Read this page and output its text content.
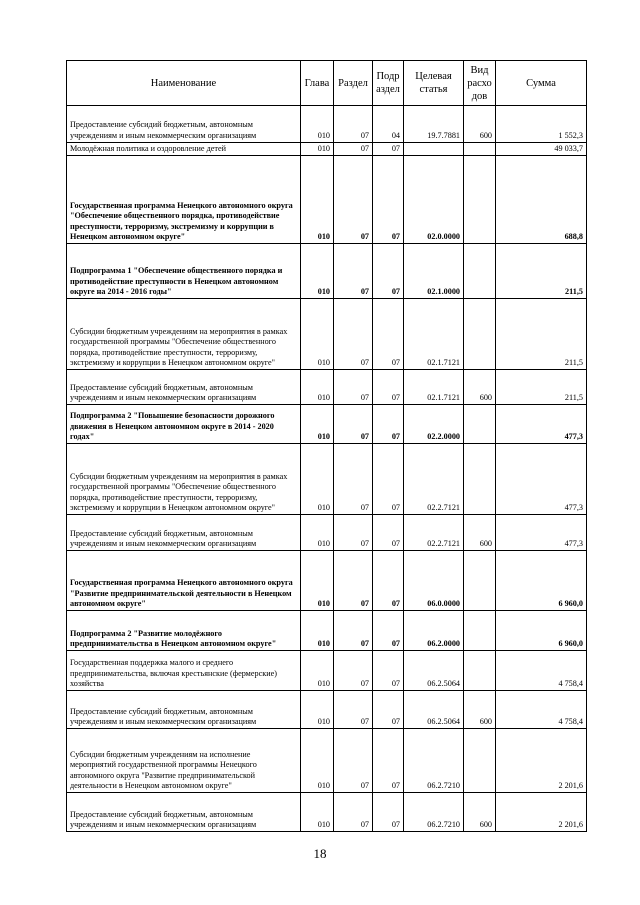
Наименование	Глава	Раздел	Подр аздел	Целевая статья	Вид расхо дов	Сумма
Предоставление субсидий бюджетным, автономным учреждениям и иным некоммерческим организациям	010	07	04	19.7.7881	600	1 552,3
Молодёжная политика и оздоровление детей	010	07	07			49 033,7
Государственная программа Ненецкого автономного округа "Обеспечение общественного порядка, противодействие преступности, терроризму, экстремизму и коррупции в Ненецком автономном округе"	010	07	07	02.0.0000		688,8
Подпрограмма 1 "Обеспечение общественного порядка и противодействие преступности в Ненецком автономном округе на 2014 - 2016 годы"	010	07	07	02.1.0000		211,5
Субсидии бюджетным учреждениям на мероприятия в рамках государственной программы "Обеспечение общественного порядка, противодействие преступности, терроризму, экстремизму и коррупции в Ненецком автономном округе"	010	07	07	02.1.7121		211,5
Предоставление субсидий бюджетным, автономным учреждениям и иным некоммерческим организациям	010	07	07	02.1.7121	600	211,5
Подпрограмма 2 "Повышение безопасности дорожного движения в Ненецком автономном округе в 2014 - 2020 годах"	010	07	07	02.2.0000		477,3
Субсидии бюджетным учреждениям на мероприятия в рамках государственной программы "Обеспечение общественного порядка, противодействие преступности, терроризму, экстремизму и коррупции в Ненецком автономном округе"	010	07	07	02.2.7121		477,3
Предоставление субсидий бюджетным, автономным учреждениям и иным некоммерческим организациям	010	07	07	02.2.7121	600	477,3
Государственная программа Ненецкого автономного округа "Развитие предпринимательской деятельности в Ненецком автономном округе"	010	07	07	06.0.0000		6 960,0
Подпрограмма 2 "Развитие молодёжного предпринимательства в Ненецком автономном округе"	010	07	07	06.2.0000		6 960,0
Государственная поддержка малого и среднего предпринимательства, включая крестьянские (фермерские) хозяйства	010	07	07	06.2.5064		4 758,4
Предоставление субсидий бюджетным, автономным учреждениям и иным некоммерческим организациям	010	07	07	06.2.5064	600	4 758,4
Субсидии бюджетным учреждениям на исполнение мероприятий государственной программы Ненецкого автономного округа "Развитие предпринимательской деятельности в Ненецком автономном округе"	010	07	07	06.2.7210		2 201,6
Предоставление субсидий бюджетным, автономным учреждениям и иным некоммерческим организациям	010	07	07	06.2.7210	600	2 201,6
18
